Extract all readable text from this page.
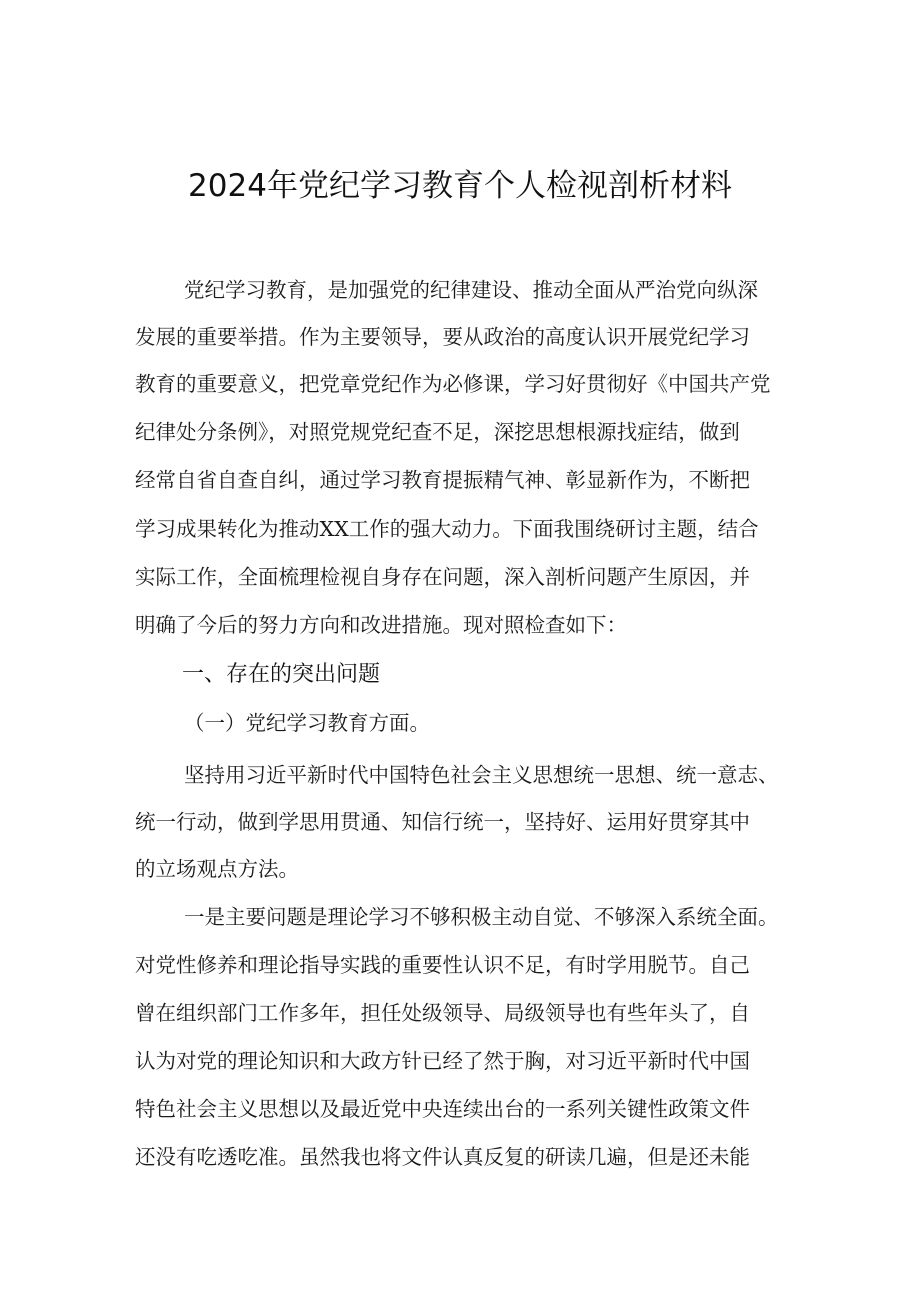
2024年党纪学习教育个人检视剖析材料
党纪学习教育，是加强党的纪律建设、推动全面从严治党向纵深
发展的重要举措。作为主要领导，要从政治的高度认识开展党纪学习
教育的重要意义，把党章党纪作为必修课，学习好贯彻好《中国共产党
纪律处分条例》，对照党规党纪查不足，深挖思想根源找症结，做到
经常自省自查自纠，通过学习教育提振精气神、彰显新作为，不断把
学习成果转化为推动XX工作的强大动力。下面我围绕研讨主题，结合
实际工作，全面梳理检视自身存在问题，深入剖析问题产生原因，并
明确了今后的努力方向和改进措施。现对照检查如下：
一、存在的突出问题
（一）党纪学习教育方面。
坚持用习近平新时代中国特色社会主义思想统一思想、统一意志、
统一行动，做到学思用贯通、知信行统一，坚持好、运用好贯穿其中
的立场观点方法。
一是主要问题是理论学习不够积极主动自觉、不够深入系统全面。
对党性修养和理论指导实践的重要性认识不足，有时学用脱节。自己
曾在组织部门工作多年，担任处级领导、局级领导也有些年头了，自
认为对党的理论知识和大政方针已经了然于胸，对习近平新时代中国
特色社会主义思想以及最近党中央连续出台的一系列关键性政策文件
还没有吃透吃准。虽然我也将文件认真反复的研读几遍，但是还未能
